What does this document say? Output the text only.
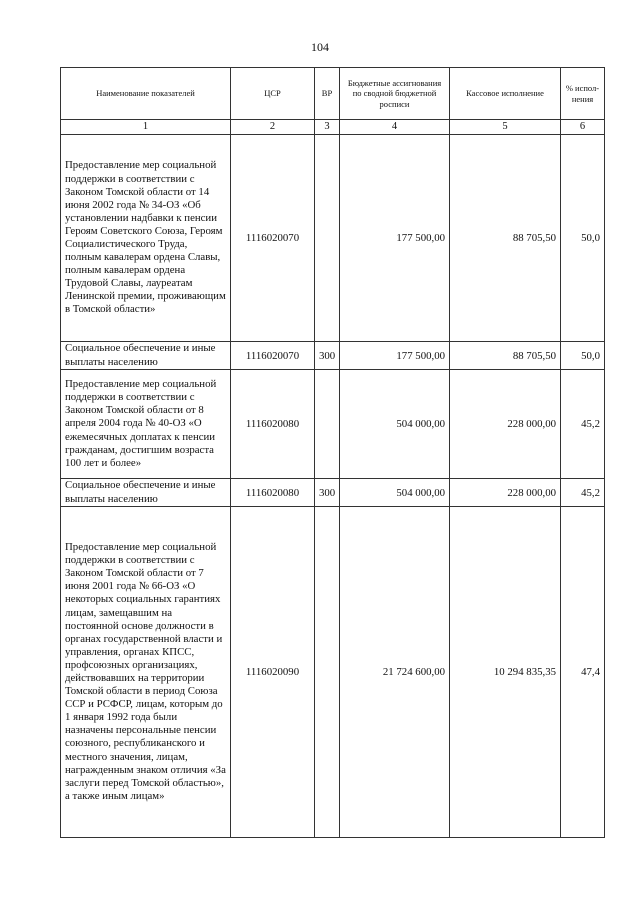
104
Наименование показателей	ЦСР	ВР	Бюджетные ассигнования по сводной бюджетной росписи	Кассовое исполнение	% испол-нения
1	2	3	4	5	6
Предоставление мер социальной поддержки в соответствии с Законом Томской области от 14 июня 2002 года № 34-ОЗ «Об установлении надбавки к пенсии Героям Советского Союза, Героям Социалистического Труда, полным кавалерам ордена Славы, полным кавалерам ордена Трудовой Славы, лауреатам Ленинской премии, проживающим в Томской области»	1116020070		177 500,00	88 705,50	50,0
Социальное обеспечение и иные выплаты населению	1116020070	300	177 500,00	88 705,50	50,0
Предоставление мер социальной поддержки в соответствии с Законом Томской области от 8 апреля 2004 года № 40-ОЗ «О ежемесячных доплатах к пенсии гражданам, достигшим возраста 100 лет и более»	1116020080		504 000,00	228 000,00	45,2
Социальное обеспечение и иные выплаты населению	1116020080	300	504 000,00	228 000,00	45,2
Предоставление мер социальной поддержки в соответствии с Законом Томской области от 7 июня 2001 года № 66-ОЗ «О некоторых социальных гарантиях лицам, замещавшим на постоянной основе должности в органах государственной власти и управления, органах КПСС, профсоюзных организациях, действовавших на территории Томской области в период Союза ССР и РСФСР, лицам, которым до 1 января 1992 года были назначены персональные пенсии союзного, республиканского и местного значения, лицам, награжденным знаком отличия «За заслуги перед Томской областью», а также иным лицам»	1116020090		21 724 600,00	10 294 835,35	47,4
